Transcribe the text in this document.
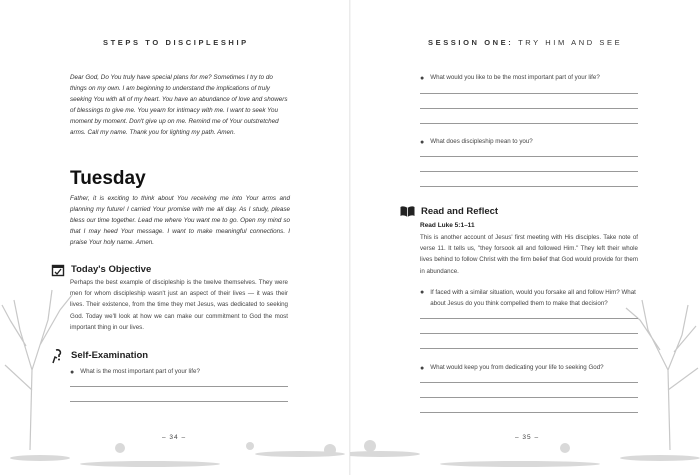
STEPS TO DISCIPLESHIP

Dear God, Do You truly have special plans for me? Sometimes I try to do things on my own. I am beginning to understand the implications of truly seeking You with all of my heart. You have an abundance of love and showers of blessings to give me. You yearn for intimacy with me. I want to seek You moment by moment. Don't give up on me. Remind me of Your outstretched arms. Call my name. Thank you for lighting my path. Amen.

Tuesday

Father, it is exciting to think about You receiving me into Your arms and planning my future! I carried Your promise with me all day. As I study, please bless our time together. Lead me where You want me to go. Open my mind so that I may heed Your message. I want to make meaningful connections. I praise Your holy name. Amen.

Today's Objective

Perhaps the best example of discipleship is the twelve themselves. They were men for whom discipleship wasn't just an aspect of their lives — it was their lives. Their existence, from the time they met Jesus, was dedicated to seeking God. Today we'll look at how we can make our commitment to God the most important thing in our lives.

Self-Examination
● What is the most important part of your life?
– 34 –
SESSION ONE: TRY HIM AND SEE
● What would you like to be the most important part of your life?
● What does discipleship mean to you?
Read and Reflect
Read Luke 5:1–11

This is another account of Jesus' first meeting with His disciples. Take note of verse 11. It tells us, "they forsook all and followed Him." They left their whole lives behind to follow Christ with the firm belief that God would provide for them in abundance.

● If faced with a similar situation, would you forsake all and follow Him? What about Jesus do you think compelled them to make that decision?
● What would keep you from dedicating your life to seeking God?
– 35 –
